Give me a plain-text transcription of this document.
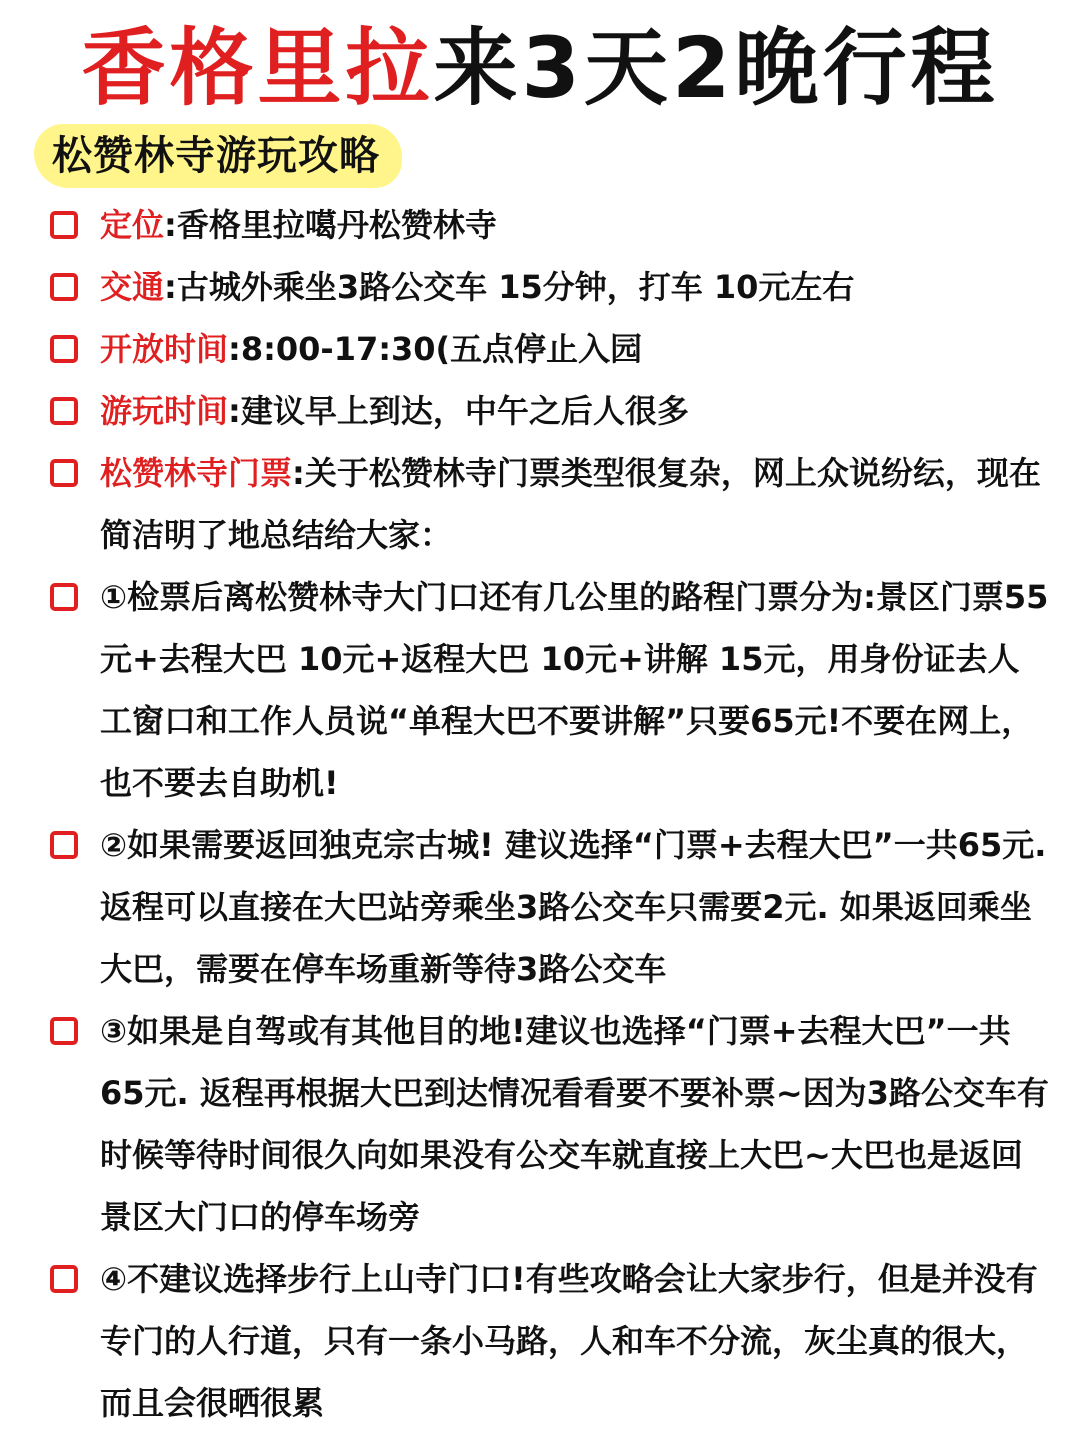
香格里拉来3天2晚行程
松赞林寺游玩攻略
定位:香格里拉噶丹松赞林寺
交通:古城外乘坐3路公交车 15分钟，打车 10元左右
开放时间:8:00-17:30(五点停止入园
游玩时间:建议早上到达，中午之后人很多
松赞林寺门票:关于松赞林寺门票类型很复杂，网上众说纷纭，现在简洁明了地总结给大家：
①检票后离松赞林寺大门口还有几公里的路程门票分为:景区门票55元+去程大巴 10元+返程大巴 10元+讲解 15元，用身份证去人工窗口和工作人员说“单程大巴不要讲解”只要65元!不要在网上，也不要去自助机!
②如果需要返回独克宗古城! 建议选择“门票+去程大巴”一共65元. 返程可以直接在大巴站旁乘坐3路公交车只需要2元. 如果返回乘坐大巴，需要在停车场重新等待3路公交车
③如果是自驾或有其他目的地!建议也选择“门票+去程大巴”一共65元. 返程再根据大巴到达情况看看要不要补票~因为3路公交车有时候等待时间很久向如果没有公交车就直接上大巴~大巴也是返回景区大门口的停车场旁
④不建议选择步行上山寺门口!有些攻略会让大家步行，但是并没有专门的人行道，只有一条小马路，人和车不分流，灰尘真的很大，而且会很晒很累
